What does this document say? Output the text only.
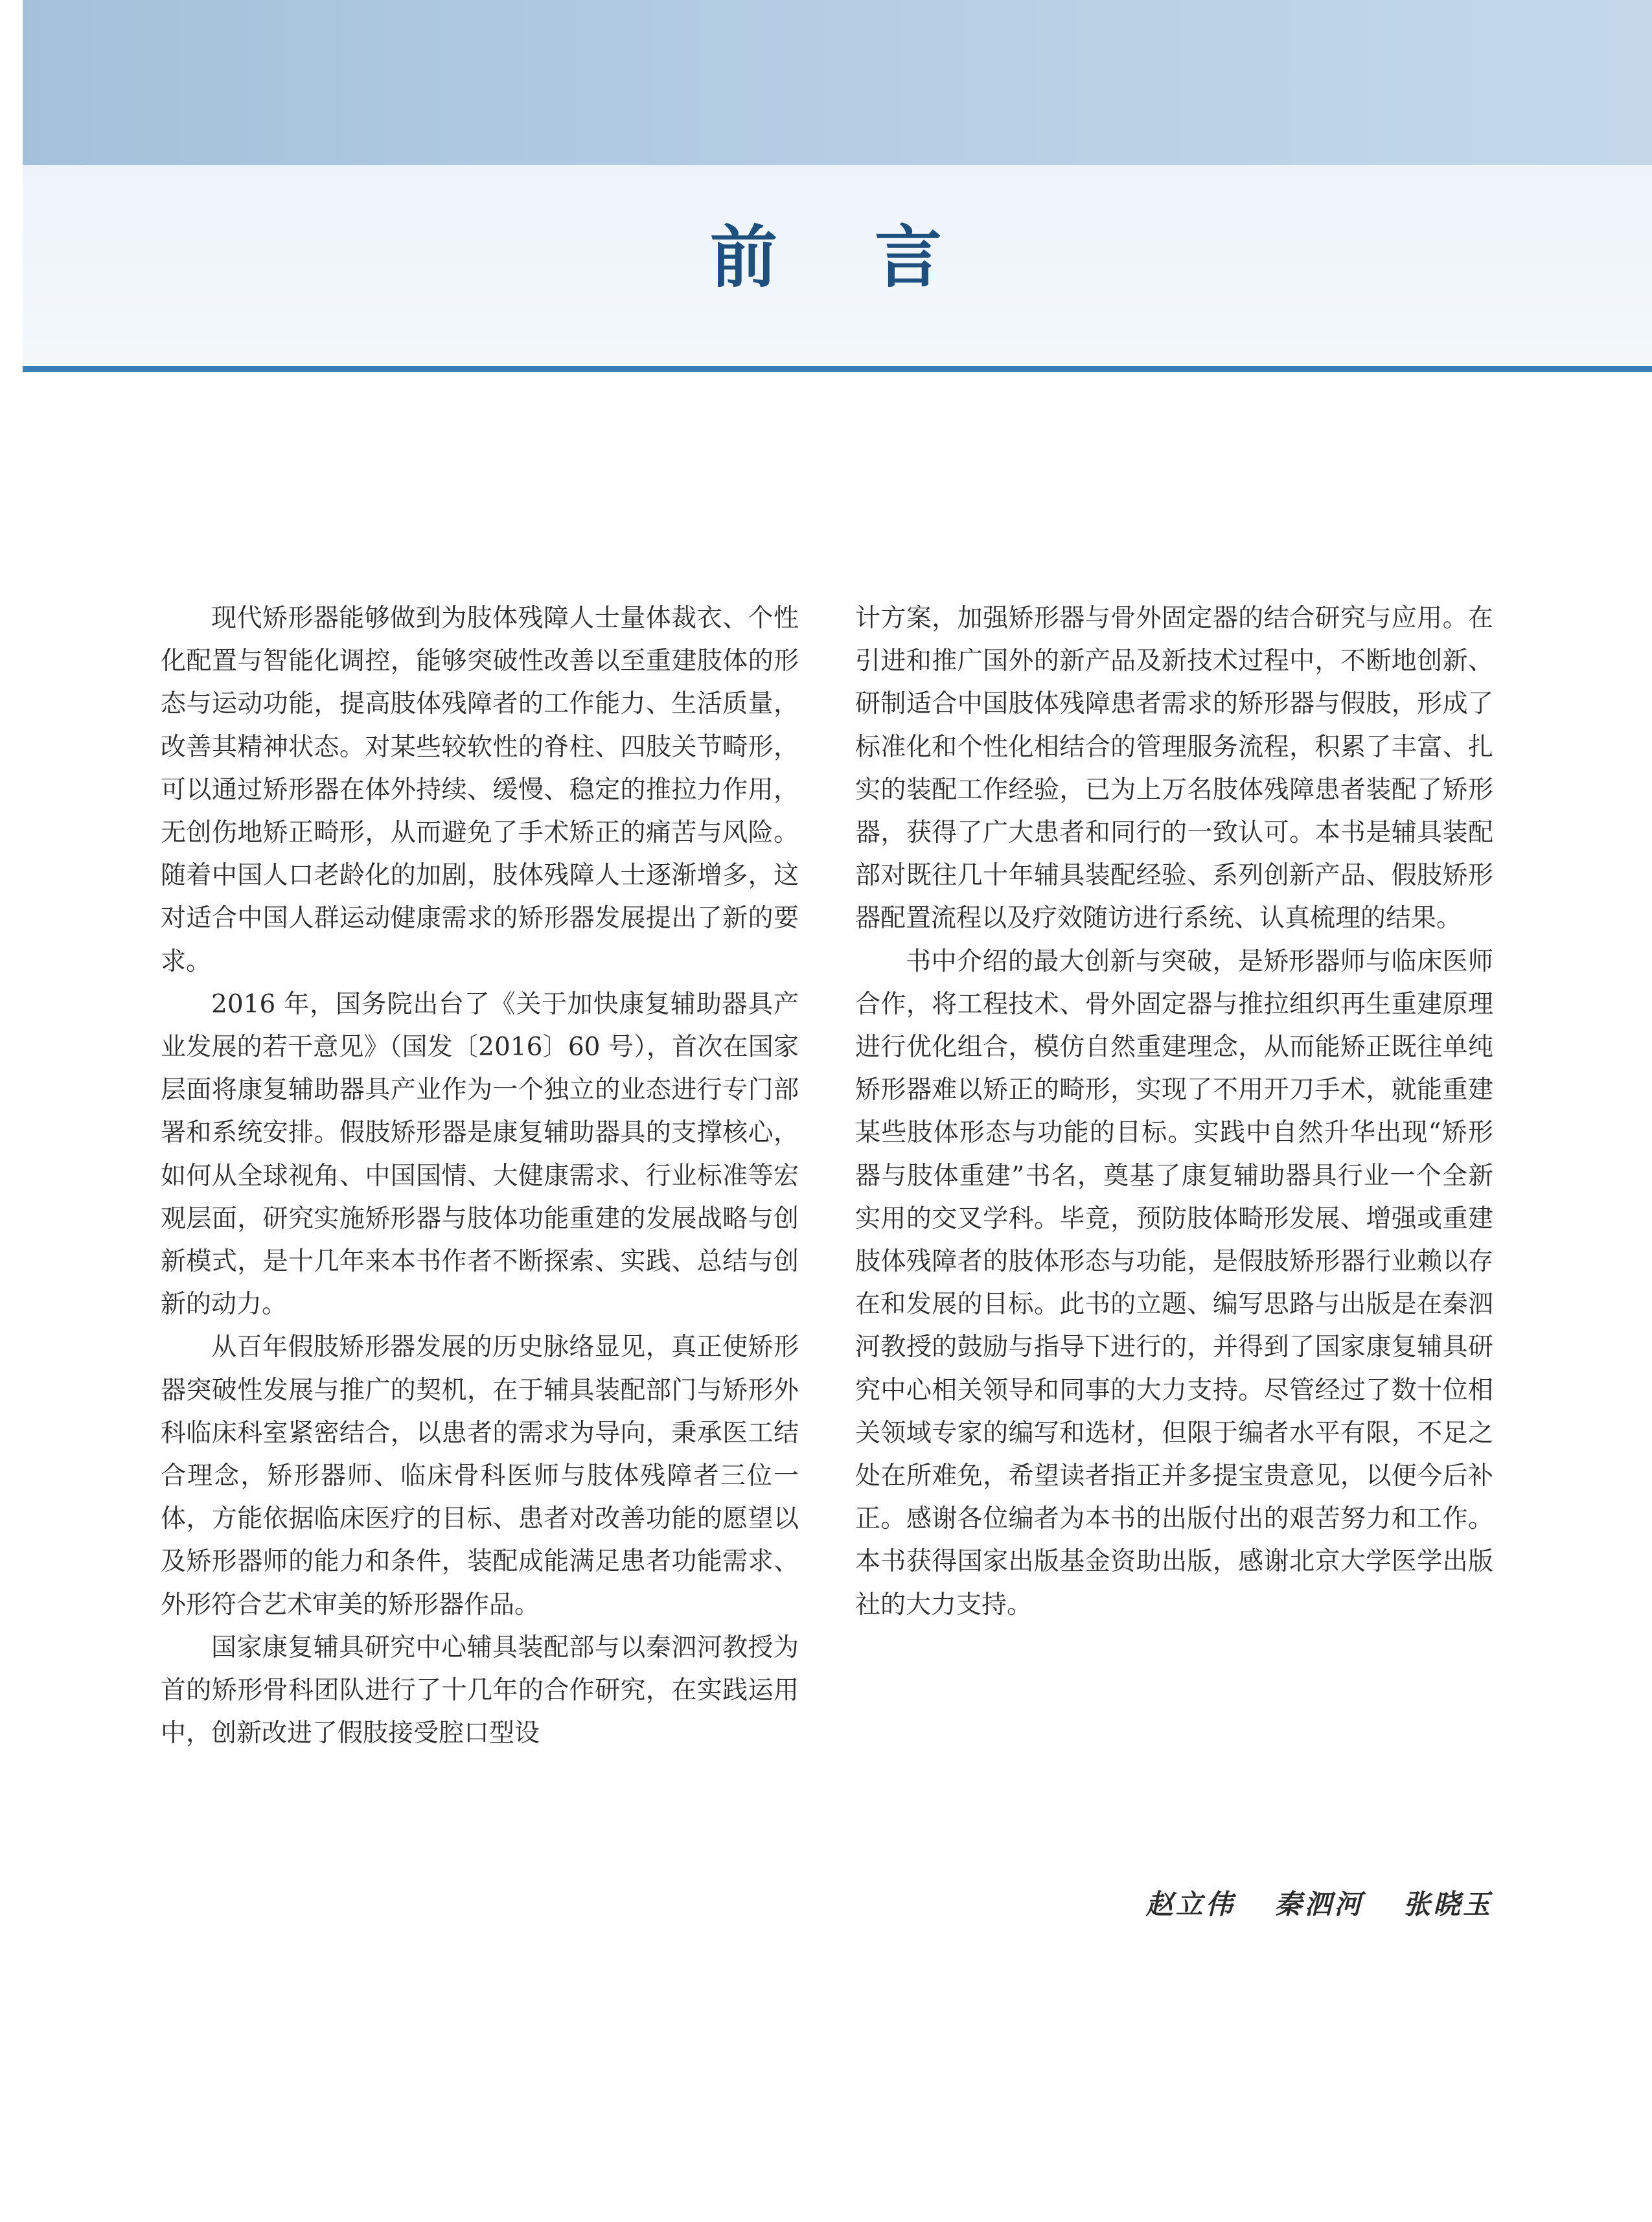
前言

现代矫形器能够做到为肢体残障人士量体裁衣、个性化配置与智能化调控，能够突破性改善以至重建肢体的形态与运动功能，提高肢体残障者的工作能力、生活质量，改善其精神状态。对某些较软性的脊柱、四肢关节畸形，可以通过矫形器在体外持续、缓慢、稳定的推拉力作用，无创伤地矫正畸形，从而避免了手术矫正的痛苦与风险。随着中国人口老龄化的加剧，肢体残障人士逐渐增多，这对适合中国人群运动健康需求的矫形器发展提出了新的要求。

2016 年，国务院出台了《关于加快康复辅助器具产业发展的若干意见》（国发〔2016〕60 号），首次在国家层面将康复辅助器具产业作为一个独立的业态进行专门部署和系统安排。假肢矫形器是康复辅助器具的支撑核心，如何从全球视角、中国国情、大健康需求、行业标准等宏观层面，研究实施矫形器与肢体功能重建的发展战略与创新模式，是十几年来本书作者不断探索、实践、总结与创新的动力。

从百年假肢矫形器发展的历史脉络显见，真正使矫形器突破性发展与推广的契机，在于辅具装配部门与矫形外科临床科室紧密结合，以患者的需求为导向，秉承医工结合理念，矫形器师、临床骨科医师与肢体残障者三位一体，方能依据临床医疗的目标、患者对改善功能的愿望以及矫形器师的能力和条件，装配成能满足患者功能需求、外形符合艺术审美的矫形器作品。

国家康复辅具研究中心辅具装配部与以秦泗河教授为首的矫形骨科团队进行了十几年的合作研究，在实践运用中，创新改进了假肢接受腔口型设

计方案，加强矫形器与骨外固定器的结合研究与应用。在引进和推广国外的新产品及新技术过程中，不断地创新、研制适合中国肢体残障患者需求的矫形器与假肢，形成了标准化和个性化相结合的管理服务流程，积累了丰富、扎实的装配工作经验，已为上万名肢体残障患者装配了矫形器，获得了广大患者和同行的一致认可。本书是辅具装配部对既往几十年辅具装配经验、系列创新产品、假肢矫形器配置流程以及疗效随访进行系统、认真梳理的结果。

书中介绍的最大创新与突破，是矫形器师与临床医师合作，将工程技术、骨外固定器与推拉组织再生重建原理进行优化组合，模仿自然重建理念，从而能矫正既往单纯矫形器难以矫正的畸形，实现了不用开刀手术，就能重建某些肢体形态与功能的目标。实践中自然升华出现“矫形器与肢体重建”书名，奠基了康复辅助器具行业一个全新实用的交叉学科。毕竟，预防肢体畸形发展、增强或重建肢体残障者的肢体形态与功能，是假肢矫形器行业赖以存在和发展的目标。此书的立题、编写思路与出版是在秦泗河教授的鼓励与指导下进行的，并得到了国家康复辅具研究中心相关领导和同事的大力支持。尽管经过了数十位相关领域专家的编写和选材，但限于编者水平有限，不足之处在所难免，希望读者指正并多提宝贵意见，以便今后补正。感谢各位编者为本书的出版付出的艰苦努力和工作。本书获得国家出版基金资助出版，感谢北京大学医学出版社的大力支持。

赵立伟 秦泗河 张晓玉
